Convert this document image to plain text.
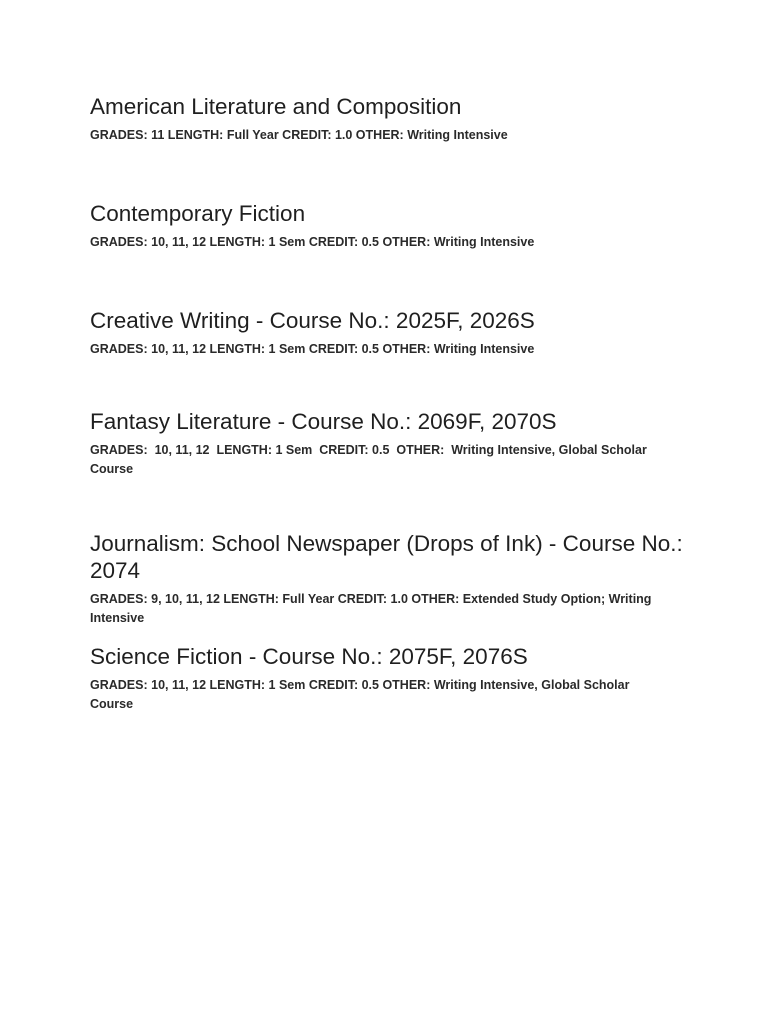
American Literature and Composition

GRADES: 11 LENGTH: Full Year CREDIT: 1.0 OTHER: Writing Intensive

Contemporary Fiction

GRADES: 10, 11, 12 LENGTH: 1 Sem CREDIT: 0.5 OTHER: Writing Intensive

Creative Writing - Course No.: 2025F, 2026S

GRADES: 10, 11, 12 LENGTH: 1 Sem CREDIT: 0.5 OTHER: Writing Intensive

Fantasy Literature - Course No.: 2069F, 2070S

GRADES:  10, 11, 12  LENGTH: 1 Sem  CREDIT: 0.5  OTHER:  Writing Intensive, Global Scholar Course

Journalism: School Newspaper (Drops of Ink) - Course No.: 2074

GRADES: 9, 10, 11, 12 LENGTH: Full Year CREDIT: 1.0 OTHER: Extended Study Option; Writing Intensive

Science Fiction - Course No.: 2075F, 2076S

GRADES: 10, 11, 12 LENGTH: 1 Sem CREDIT: 0.5 OTHER: Writing Intensive, Global Scholar Course
